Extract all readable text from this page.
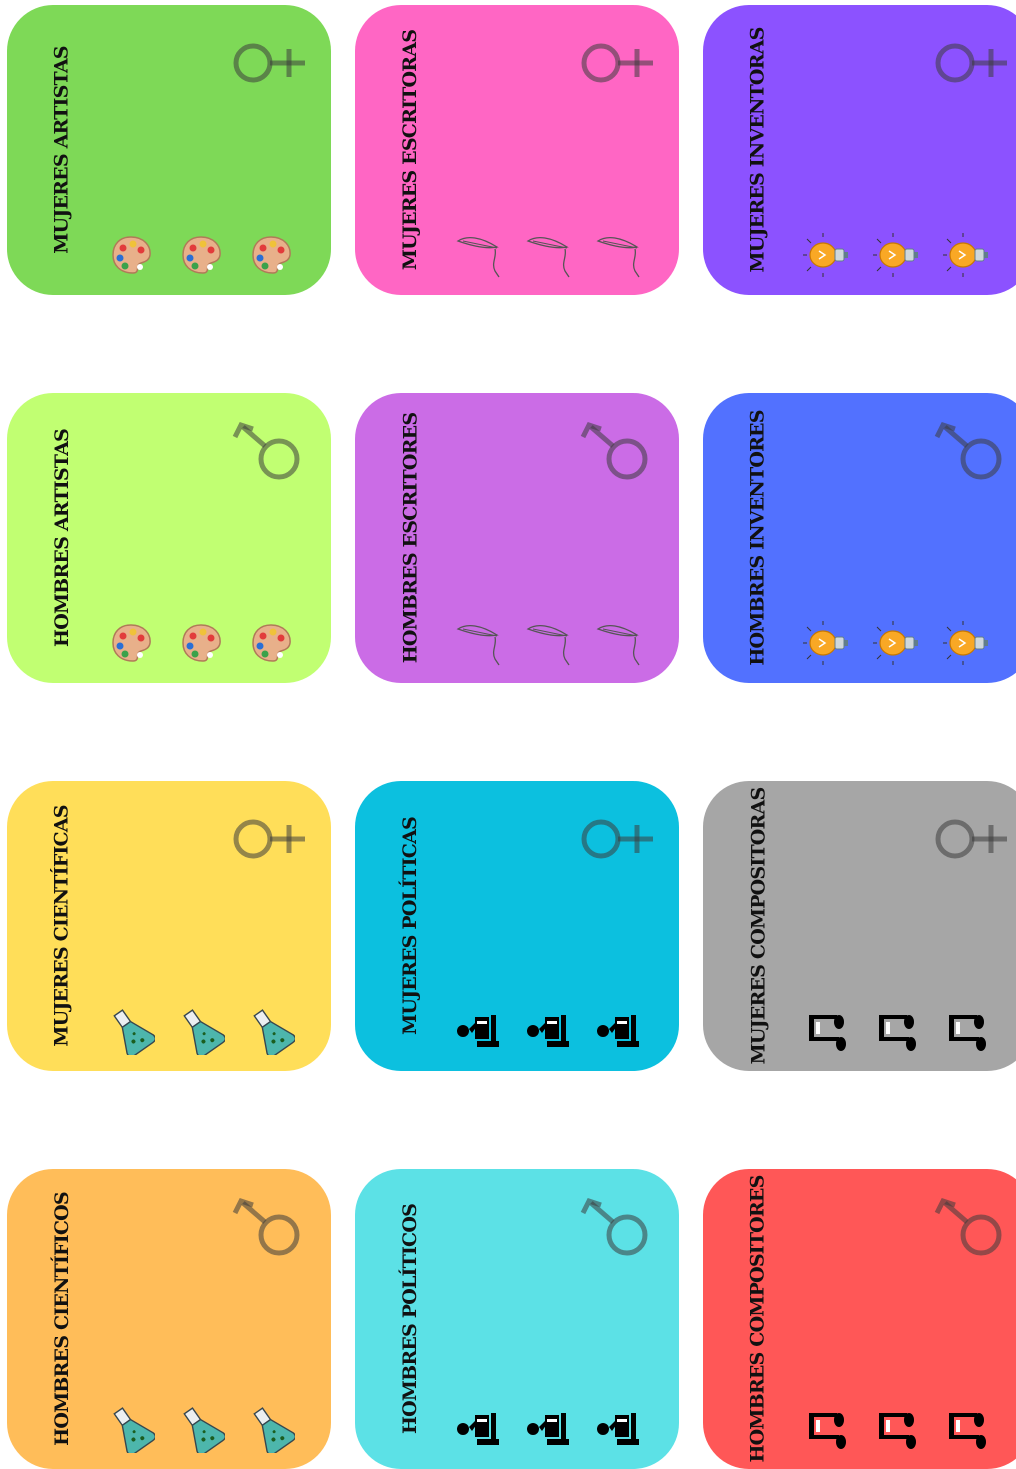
MUJERES ARTISTAS	MUJERES ESCRITORAS	MUJERES INVENTORAS
HOMBRES ARTISTAS	HOMBRES ESCRITORES	HOMBRES INVENTORES
MUJERES CIENTÍFICAS	MUJERES POLÍTICAS	MUJERES COMPOSITORAS
HOMBRES CIENTÍFICOS	HOMBRES POLÍTICOS	HOMBRES COMPOSITORES
